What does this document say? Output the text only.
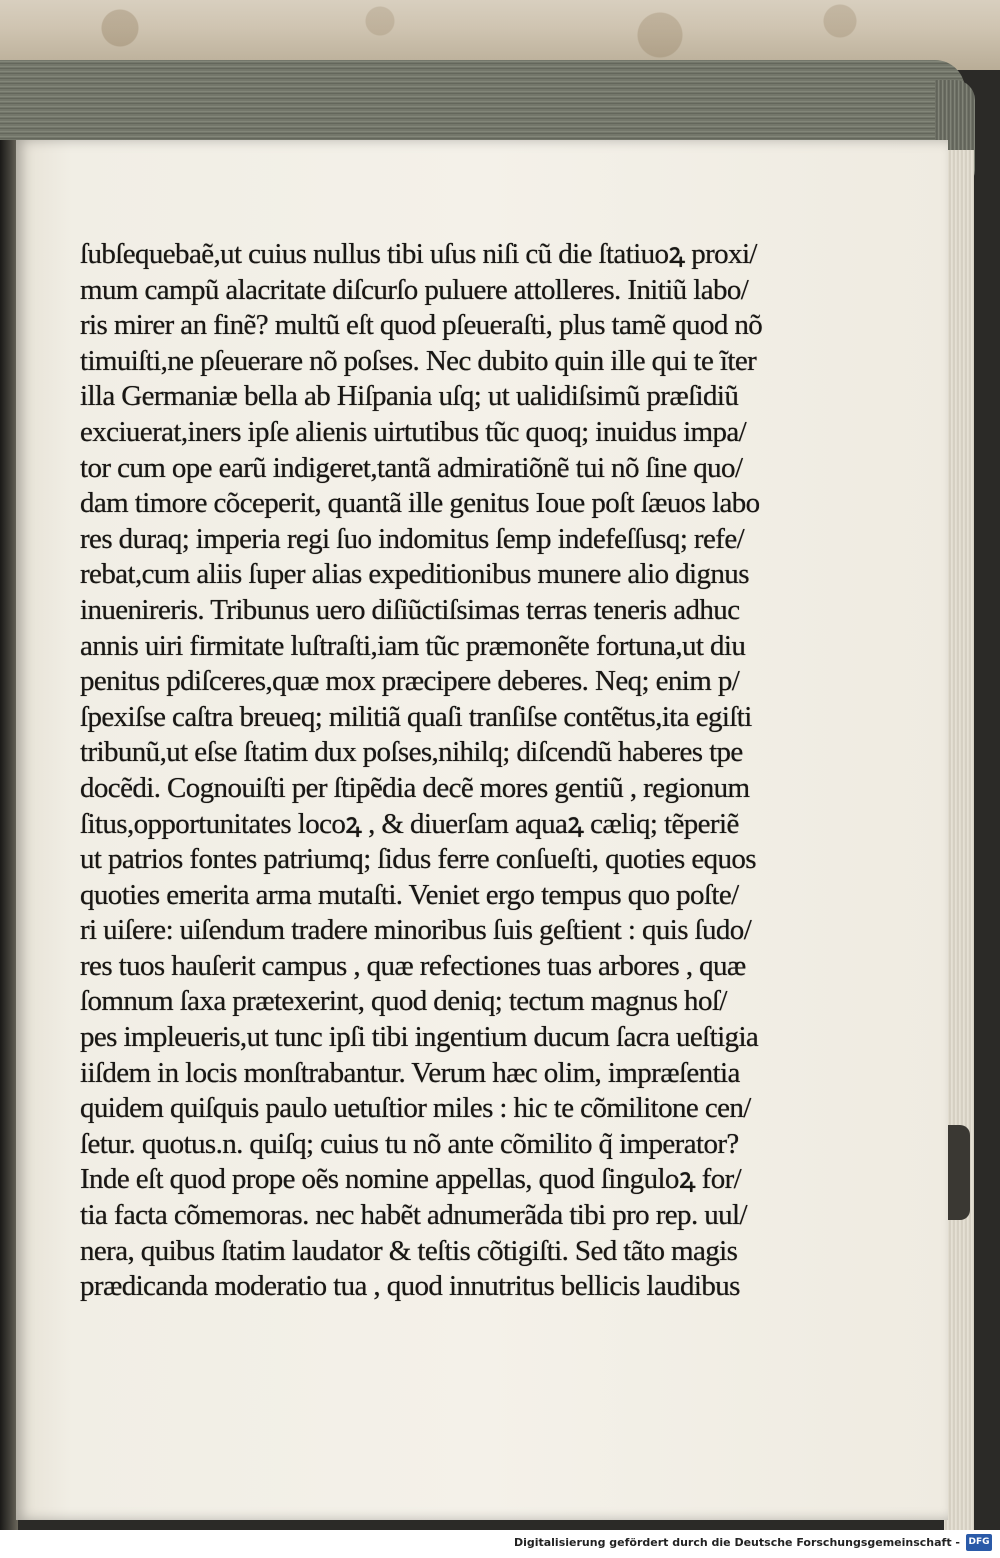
ſubſequebaẽ,ut cuius nullus tibi uſus niſi cũ die ſtatiuoꝝ proxi/
mum campũ alacritate diſcurſo puluere attolleres. Initiũ labo/
ris mirer an finẽ? multũ eſt quod pſeueraſti, plus tamẽ quod nõ
timuiſti,ne pſeuerare nõ poſses. Nec dubito quin ille qui te ĩter
illa Germaniæ bella ab Hiſpania uſq; ut ualidiſsimũ præſidiũ
exciuerat,iners ipſe alienis uirtutibus tũc quoq; inuidus impa/
tor cum ope earũ indigeret,tantã admiratiõnẽ tui nõ ſine quo/
dam timore cõceperit, quantã ille genitus Ioue poſt ſæuos labo
res duraq; imperia regi ſuo indomitus ſemp indefeſſusq; refe/
rebat,cum aliis ſuper alias expeditionibus munere alio dignus
inuenireris. Tribunus uero diſiũctiſsimas terras teneris adhuc
annis uiri firmitate luſtraſti,iam tũc præmonẽte fortuna,ut diu
penitus pdiſceres,quæ mox præcipere deberes. Neq; enim p/
ſpexiſse caſtra breueq; militiã quaſi tranſiſse contẽtus,ita egiſti
tribunũ,ut eſse ſtatim dux poſses,nihilq; diſcendũ haberes tpe
docẽdi. Cognouiſti per ſtipẽdia decẽ mores gentiũ , regionum
ſitus,opportunitates locoꝝ , & diuerſam aquaꝝ cæliq; tẽperiẽ
ut patrios fontes patriumq; ſidus ferre conſueſti, quoties equos
quoties emerita arma mutaſti. Veniet ergo tempus quo poſte/
ri uiſere: uiſendum tradere minoribus ſuis geſtient : quis ſudo/
res tuos hauſerit campus , quæ refectiones tuas arbores , quæ
ſomnum ſaxa prætexerint, quod deniq; tectum magnus hoſ/
pes impleueris,ut tunc ipſi tibi ingentium ducum ſacra ueſtigia
iiſdem in locis monſtrabantur. Verum hæc olim, impræſentia
quidem quiſquis paulo uetuſtior miles : hic te cõmilitone cen/
ſetur. quotus.n. quiſq; cuius tu nõ ante cõmilito q̃ imperator?
Inde eſt quod prope oẽs nomine appellas, quod ſinguloꝝ for/
tia facta cõmemoras. nec habẽt adnumerãda tibi pro rep. uul/
nera, quibus ſtatim laudator & teſtis cõtigiſti. Sed tãto magis
prædicanda moderatio tua , quod innutritus bellicis laudibus
Digitalisierung gefördert durch die Deutsche Forschungsgemeinschaft - DFG
